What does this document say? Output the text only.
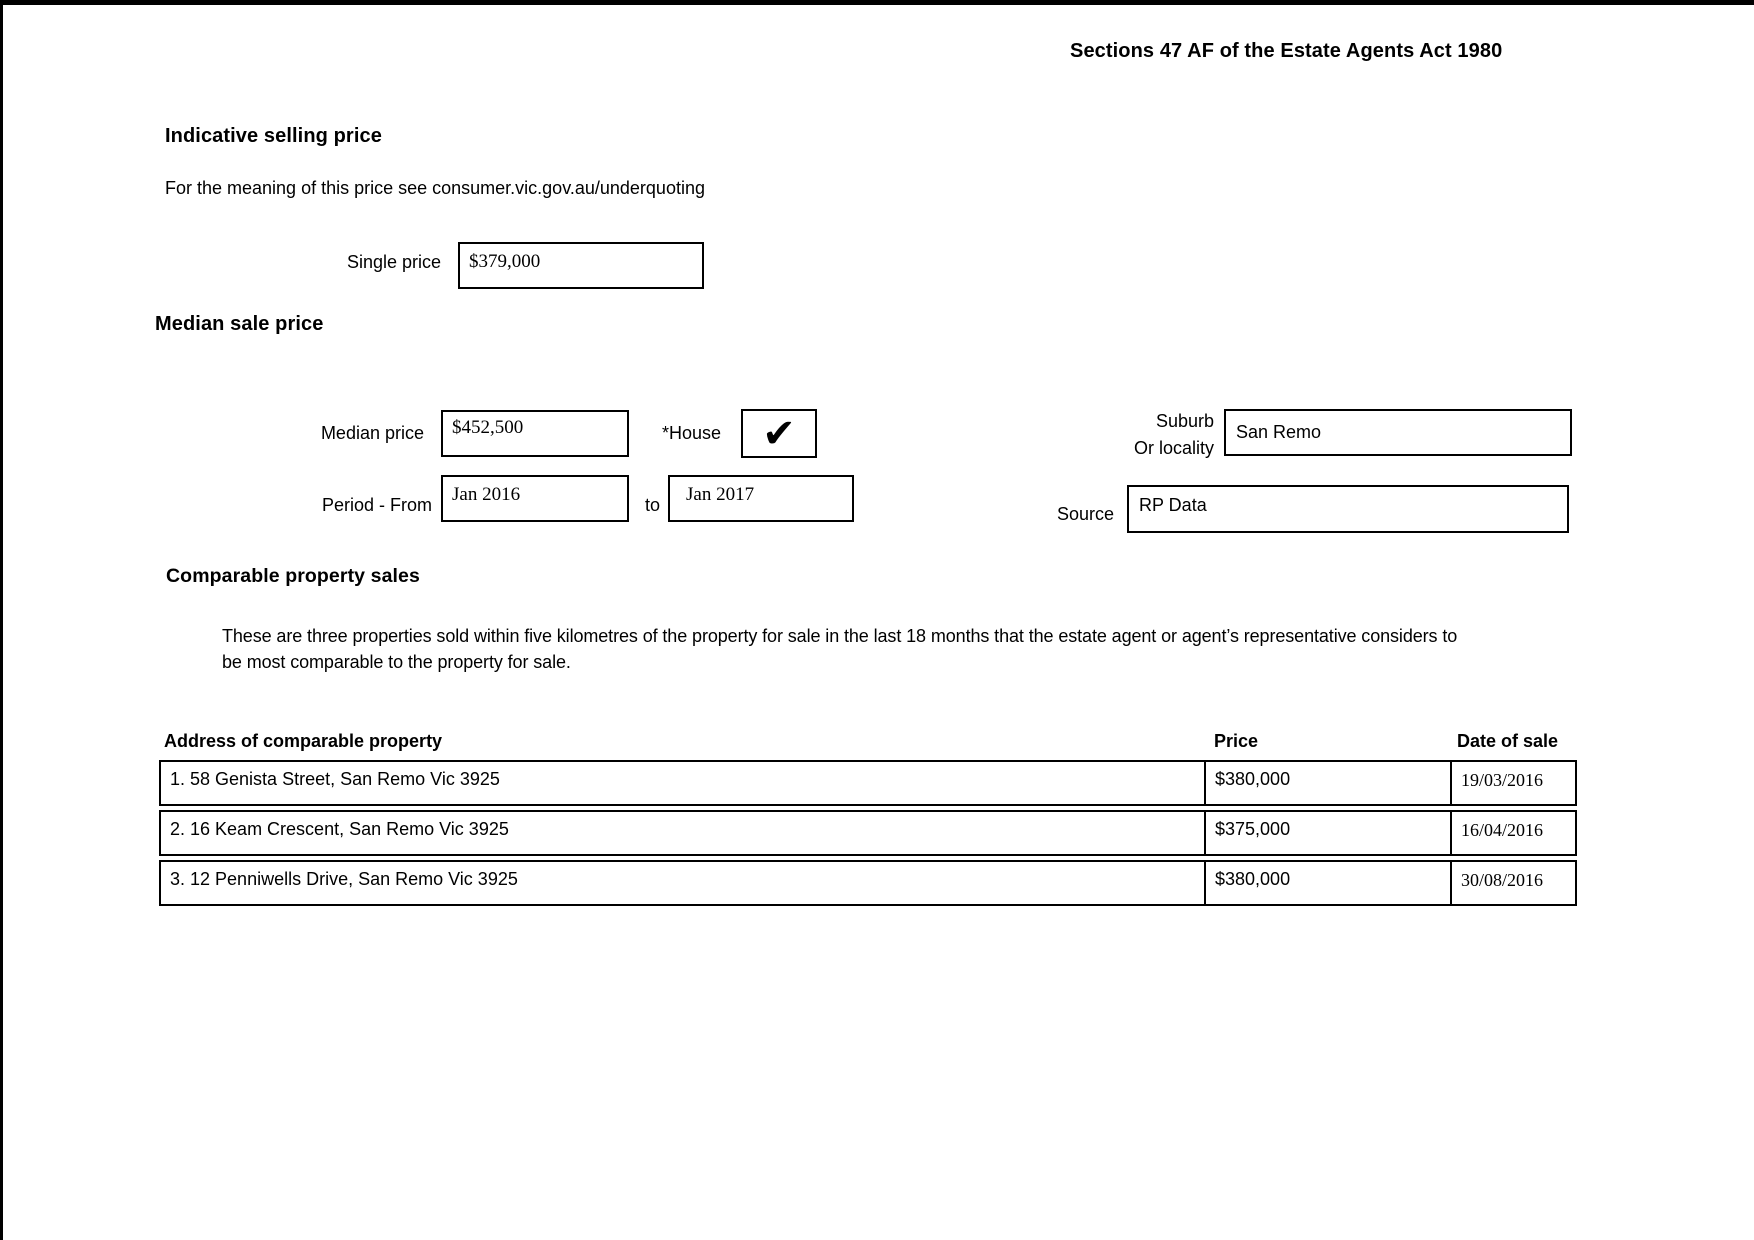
Sections 47 AF of the Estate Agents Act 1980
Indicative selling price
For the meaning of this price see consumer.vic.gov.au/underquoting
Single price	$379,000
Median sale price
Median price	$452,500	*House	✔	Suburb
Or locality
San Remo
Period - From	Jan 2016	to	Jan 2017
Source	RP Data
Comparable property sales
These are three properties sold within five kilometres of the property for sale in the last 18 months that the estate agent or agent’s representative considers to be most comparable to the property for sale.
Address of comparable property	Price	Date of sale
1. 58 Genista Street, San Remo Vic 3925	$380,000	19/03/2016
2. 16 Keam Crescent, San Remo Vic 3925	$375,000	16/04/2016
3. 12 Penniwells Drive, San Remo Vic 3925	$380,000	30/08/2016
